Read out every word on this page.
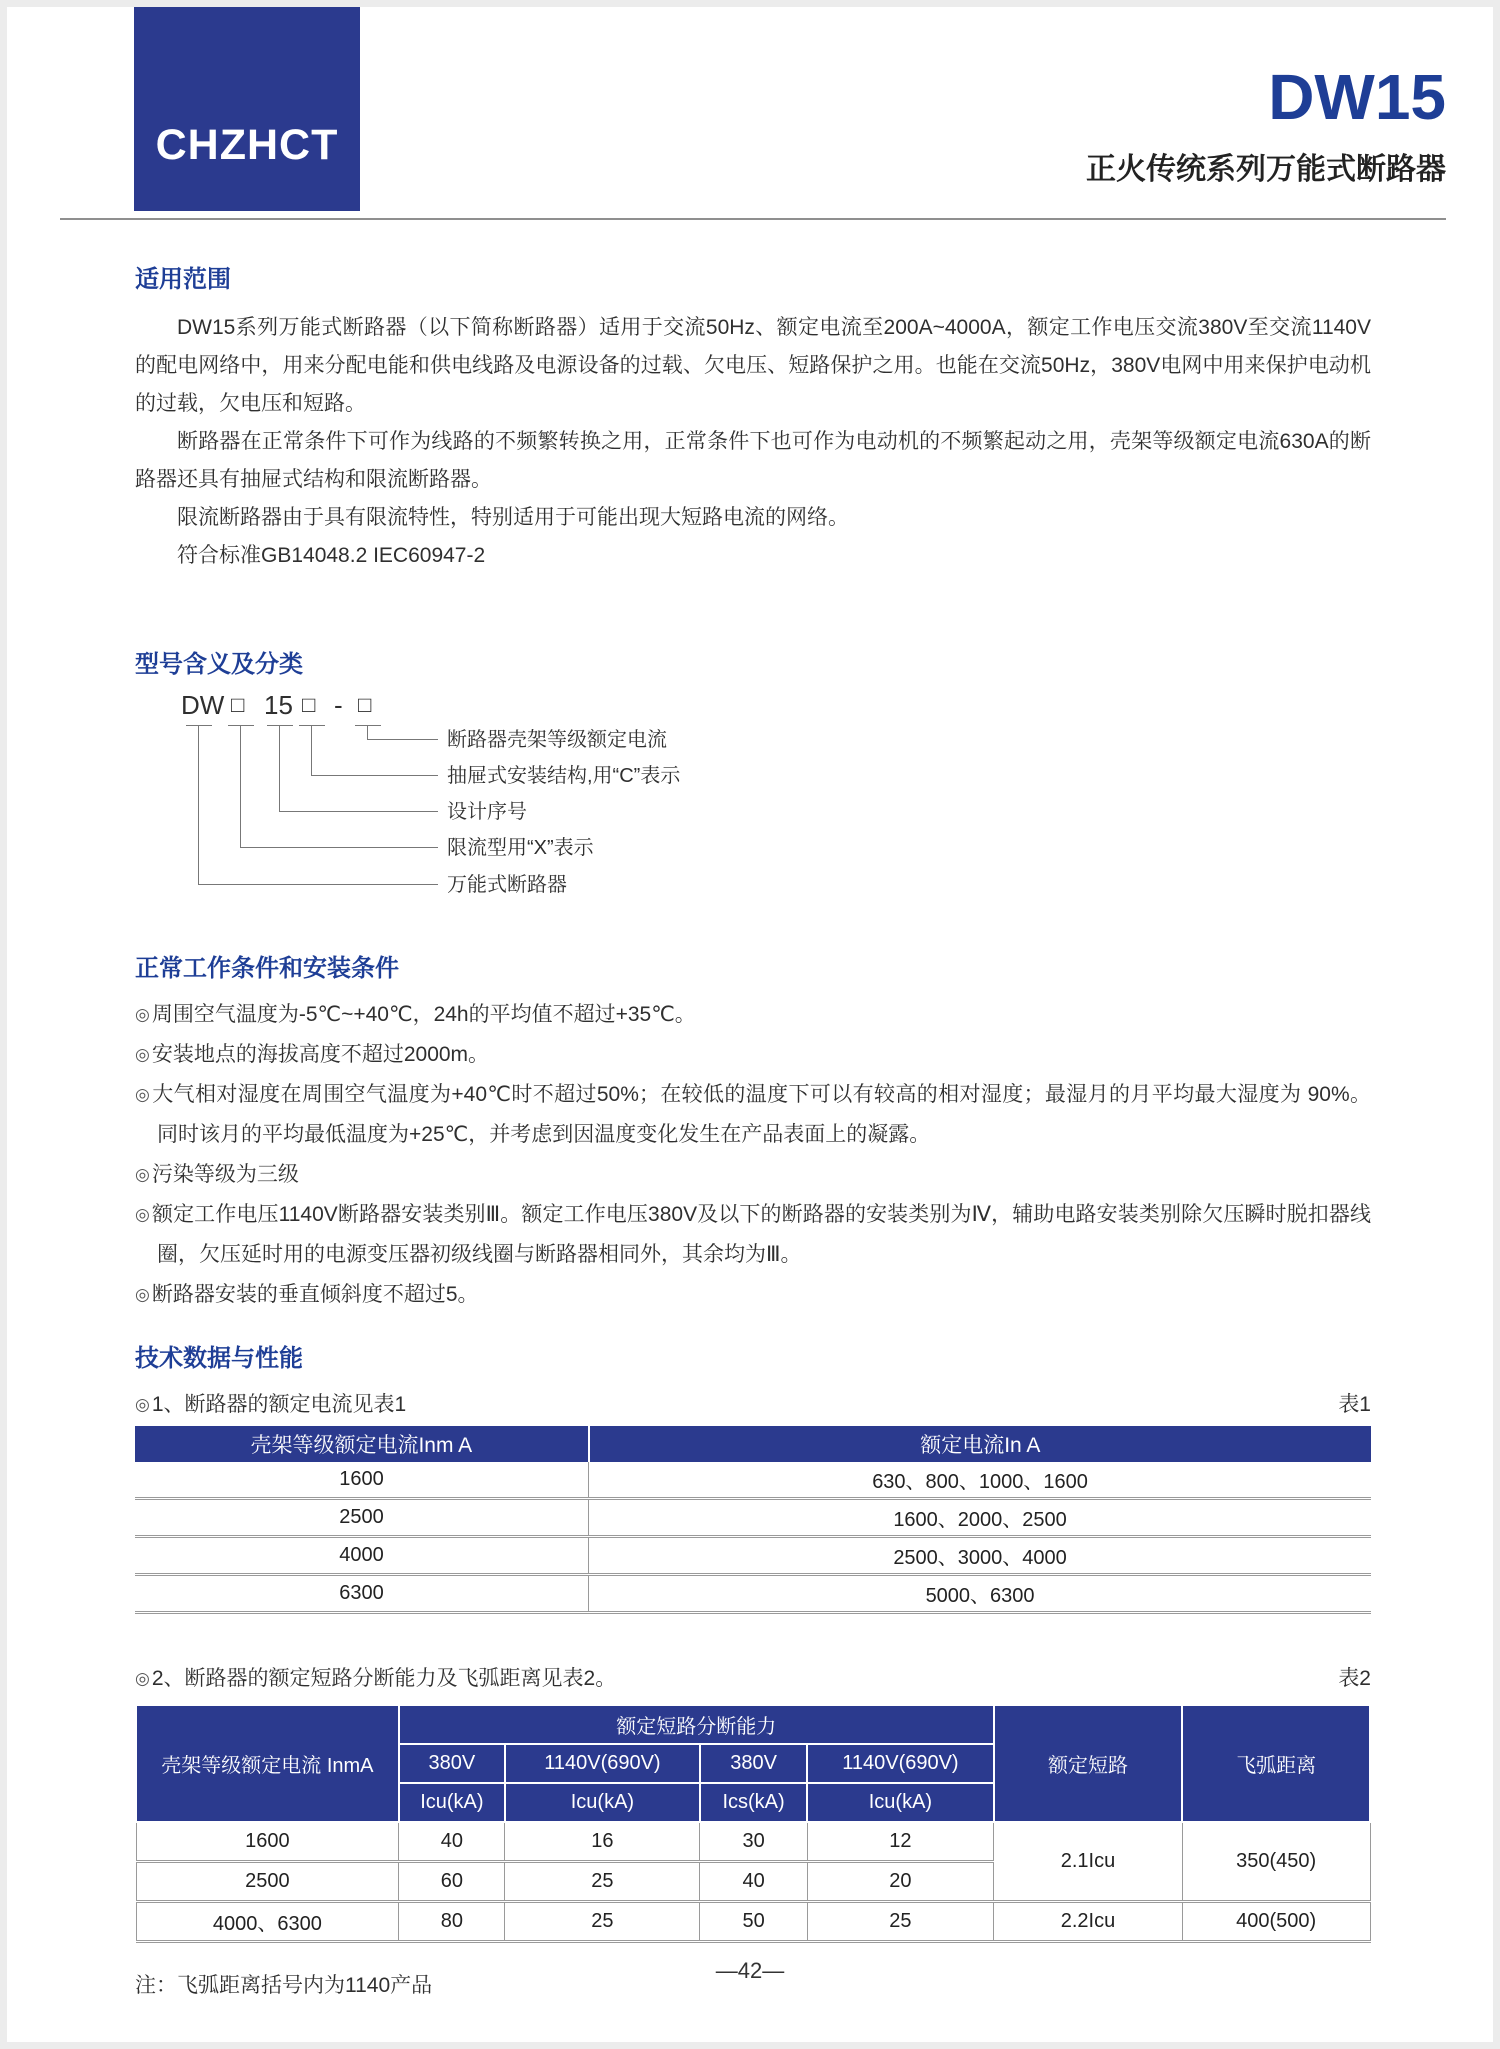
CHZHCT
DW15
正火传统系列万能式断路器
适用范围

DW15系列万能式断路器（以下简称断路器）适用于交流50Hz、额定电流至200A~4000A，额定工作电压交流380V至交流1140V的配电网络中，用来分配电能和供电线路及电源设备的过载、欠电压、短路保护之用。也能在交流50Hz，380V电网中用来保护电动机的过载，欠电压和短路。

断路器在正常条件下可作为线路的不频繁转换之用，正常条件下也可作为电动机的不频繁起动之用，壳架等级额定电流630A的断路器还具有抽屉式结构和限流断路器。

限流断路器由于具有限流特性，特别适用于可能出现大短路电流的网络。

符合标准GB14048.2 IEC60947-2

型号含义及分类
DW □ 15 □ - □
断路器壳架等级额定电流
抽屉式安装结构,用“C”表示
设计序号
限流型用“X”表示
万能式断路器
正常工作条件和安装条件
◎周围空气温度为-5℃~+40℃，24h的平均值不超过+35℃。
◎安装地点的海拔高度不超过2000m。
◎大气相对湿度在周围空气温度为+40℃时不超过50%；在较低的温度下可以有较高的相对湿度；最湿月的月平均最大湿度为 90%。同时该月的平均最低温度为+25℃，并考虑到因温度变化发生在产品表面上的凝露。
◎污染等级为三级
◎额定工作电压1140V断路器安装类别Ⅲ。额定工作电压380V及以下的断路器的安装类别为Ⅳ，辅助电路安装类别除欠压瞬时脱扣器线圈，欠压延时用的电源变压器初级线圈与断路器相同外，其余均为Ⅲ。
◎断路器安装的垂直倾斜度不超过5。
技术数据与性能
◎1、断路器的额定电流见表1	表1
壳架等级额定电流Inm A	额定电流In A
1600	630、800、1000、1600
2500	1600、2000、2500
4000	2500、3000、4000
6300	5000、6300
◎2、断路器的额定短路分断能力及飞弧距离见表2。	表2
壳架等级额定电流 InmA	额定短路分断能力				额定短路	飞弧距离
	380V	1140V(690V)	380V	1140V(690V)		
	Icu(kA)	Icu(kA)	Ics(kA)	Icu(kA)		
1600	40	16	30	12	2.1Icu	350(450)
2500	60	25	40	20		
4000、6300	80	25	50	25	2.2Icu	400(500)
注：飞弧距离括号内为1140产品
—42—
